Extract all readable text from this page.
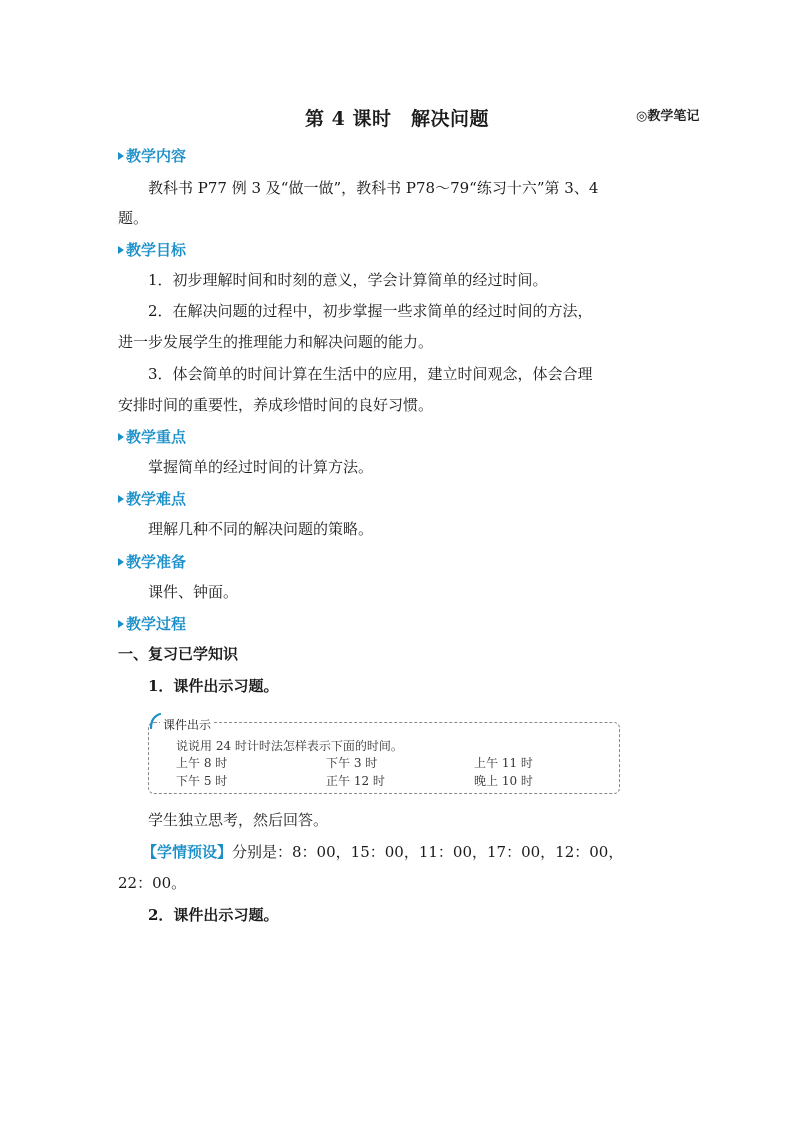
第 4 课时　解决问题	◎教学笔记
教学内容
教科书 P77 例 3 及“做一做”，教科书 P78～79“练习十六”第 3、4
题。
教学目标
1．初步理解时间和时刻的意义，学会计算简单的经过时间。
2．在解决问题的过程中，初步掌握一些求简单的经过时间的方法，
进一步发展学生的推理能力和解决问题的能力。
3．体会简单的时间计算在生活中的应用，建立时间观念，体会合理
安排时间的重要性，养成珍惜时间的良好习惯。
教学重点
掌握简单的经过时间的计算方法。
教学难点
理解几种不同的解决问题的策略。
教学准备
课件、钟面。
教学过程
一、复习已学知识
1．课件出示习题。
课件出示
说说用 24 时计时法怎样表示下面的时间。
上午 8 时	下午 3 时	上午 11 时
下午 5 时	正午 12 时	晚上 10 时
学生独立思考，然后回答。
【学情预设】分别是：8：00，15：00，11：00，17：00，12：00，
22：00。
2．课件出示习题。
